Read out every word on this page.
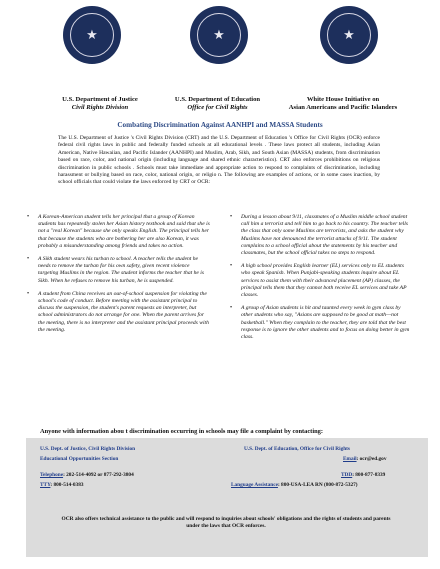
★	★	★
U.S. Department of Justice
Civil Rights Division
U.S. Department of Education
Office for Civil Rights
White House Initiative on
Asian Americans and Pacific Islanders
Combating Discrimination Against AANHPI and MASSA Students
The U.S. Department of Justice 's Civil Rights Division (CRT) and the U.S. Department of Education 's Office for Civil Rights (OCR) enforce federal civil rights laws in public and federally funded schools at all educational levels . These laws protect all students, including Asian American, Native Hawaiian, and Pacific Islander (AANHPI) and Muslim, Arab, Sikh, and South Asian (MASSA) students, from discrimination based on race, color, and national origin (including language and shared ethnic characteristics). CRT also enforces prohibitions on religious discrimination in public schools . Schools must take immediate and appropriate action to respond to complaints of discrimination, including harassment or bullying based on race, color, national origin, or religio n. The following are examples of actions, or in some cases inaction, by school officials that could violate the laws enforced by CRT or OCR:
• A Korean-American student tells her principal that a group of Korean students has repeatedly stolen her Asian history textbook and said that she is not a "real Korean" because she only speaks English. The principal tells her that because the students who are bothering her are also Korean, it was probably a misunderstanding among friends and takes no action.
• A Sikh student wears his turban to school. A teacher tells the student he needs to remove the turban for his own safety, given recent violence targeting Muslims in the region. The student informs the teacher that he is Sikh. When he refuses to remove his turban, he is suspended.
• A student from China receives an out-of-school suspension for violating the school's code of conduct. Before meeting with the assistant principal to discuss the suspension, the student's parent requests an interpreter, but school administrators do not arrange for one. When the parent arrives for the meeting, there is no interpreter and the assistant principal proceeds with the meeting.
• During a lesson about 9/11, classmates of a Muslim middle school student call him a terrorist and tell him to go back to his country. The teacher tells the class that only some Muslims are terrorists, and asks the student why Muslims have not denounced the terrorist attacks of 9/11. The student complains to a school official about the statements by his teacher and classmates, but the school official takes no steps to respond.
• A high school provides English learner (EL) services only to EL students who speak Spanish. When Punjabi-speaking students inquire about EL services to assist them with their advanced placement (AP) classes, the principal tells them that they cannot both receive EL services and take AP classes.
• A group of Asian students is hit and taunted every week in gym class by other students who say, "Asians are supposed to be good at math—not basketball." When they complain to the teacher, they are told that the best response is to ignore the other students and to focus on doing better in gym class.
Anyone with information abou t discrimination occurring in schools may file a complaint by contacting:
U.S. Dept. of Justice, Civil Rights Division
Educational Opportunities Section
Telephone: 202-514-4092 or 877-292-3804
TTY: 800-514-0383
U.S. Dept. of Education, Office for Civil Rights
Email: ocr@ed.gov
TDD: 800-877-8339
Language Assistance: 800-USA-LEA RN (800-872-5327)
OCR also offers technical assistance to the public and will respond to inquiries about schools' obligations and the rights of students and parents under the laws that OCR enforces.
